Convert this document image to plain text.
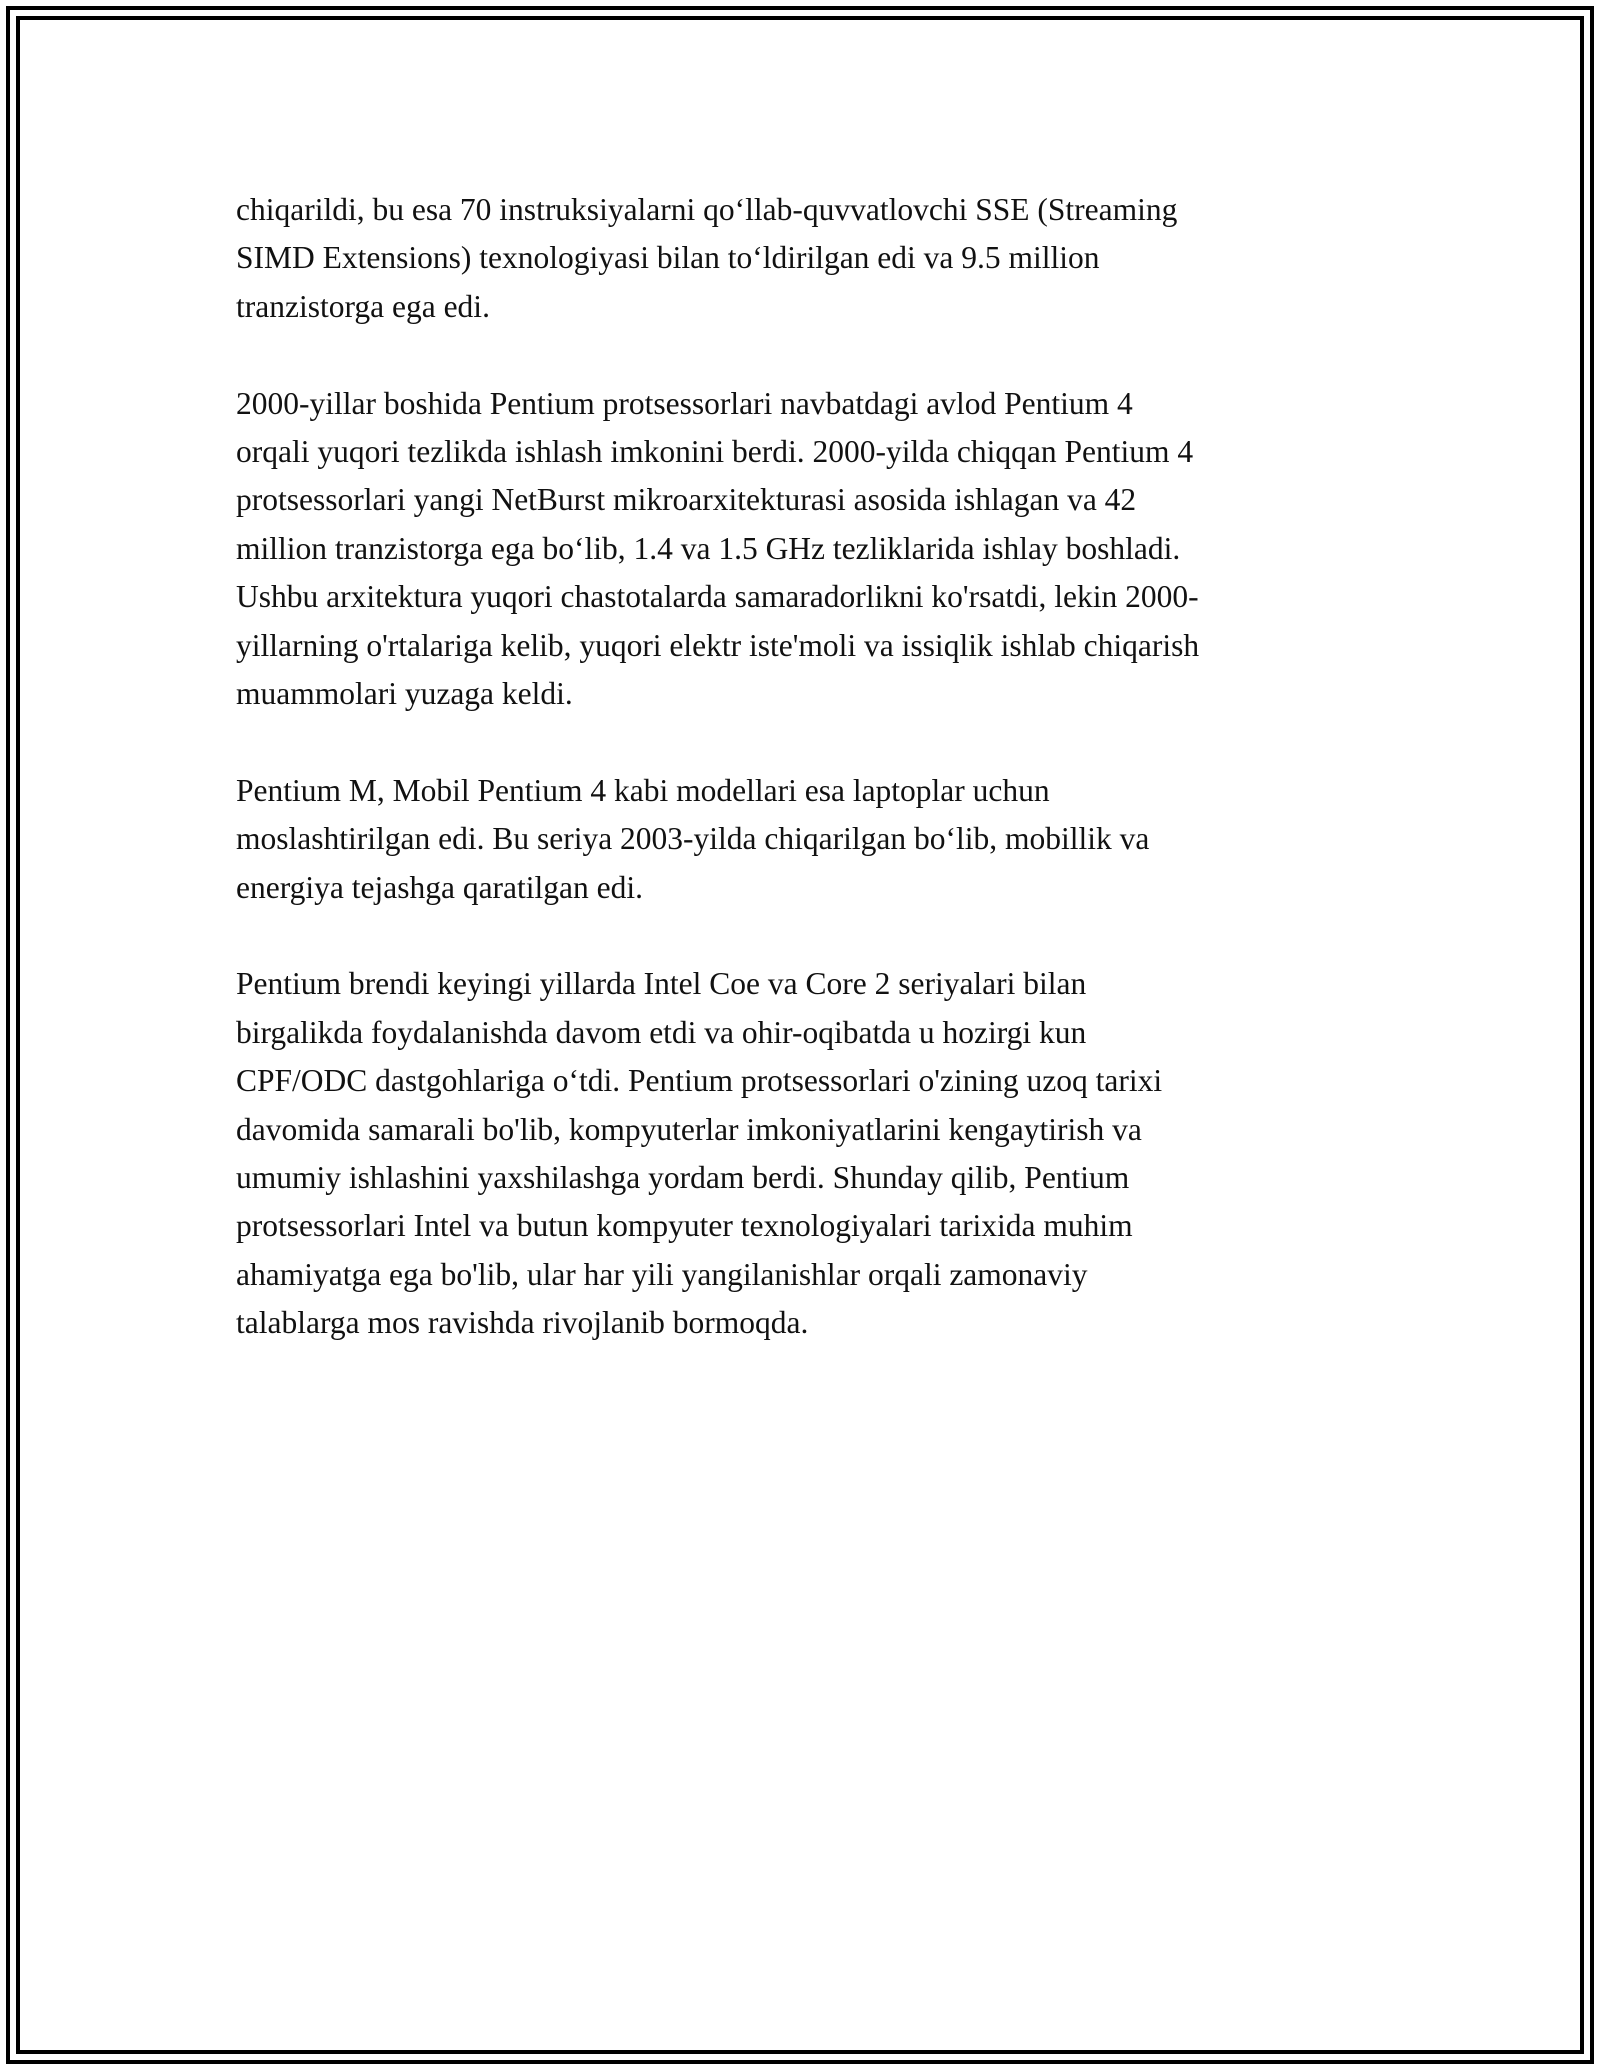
chiqarildi, bu esa 70 instruksiyalarni qo‘llab-quvvatlovchi SSE (Streaming
SIMD Extensions) texnologiyasi bilan to‘ldirilgan edi va 9.5 million
tranzistorga ega edi.

2000-yillar boshida Pentium protsessorlari navbatdagi avlod Pentium 4
orqali yuqori tezlikda ishlash imkonini berdi. 2000-yilda chiqqan Pentium 4
protsessorlari yangi NetBurst mikroarxitekturasi asosida ishlagan va 42
million tranzistorga ega bo‘lib, 1.4 va 1.5 GHz tezliklarida ishlay boshladi.
Ushbu arxitektura yuqori chastotalarda samaradorlikni ko'rsatdi, lekin 2000-
yillarning o'rtalariga kelib, yuqori elektr iste'moli va issiqlik ishlab chiqarish
muammolari yuzaga keldi.

Pentium M, Mobil Pentium 4 kabi modellari esa laptoplar uchun
moslashtirilgan edi. Bu seriya 2003-yilda chiqarilgan bo‘lib, mobillik va
energiya tejashga qaratilgan edi.

Pentium brendi keyingi yillarda Intel Coe va Core 2 seriyalari bilan
birgalikda foydalanishda davom etdi va ohir-oqibatda u hozirgi kun
CPF/ODC dastgohlariga o‘tdi. Pentium protsessorlari o'zining uzoq tarixi
davomida samarali bo'lib, kompyuterlar imkoniyatlarini kengaytirish va
umumiy ishlashini yaxshilashga yordam berdi. Shunday qilib, Pentium
protsessorlari Intel va butun kompyuter texnologiyalari tarixida muhim
ahamiyatga ega bo'lib, ular har yili yangilanishlar orqali zamonaviy
talablarga mos ravishda rivojlanib bormoqda.
